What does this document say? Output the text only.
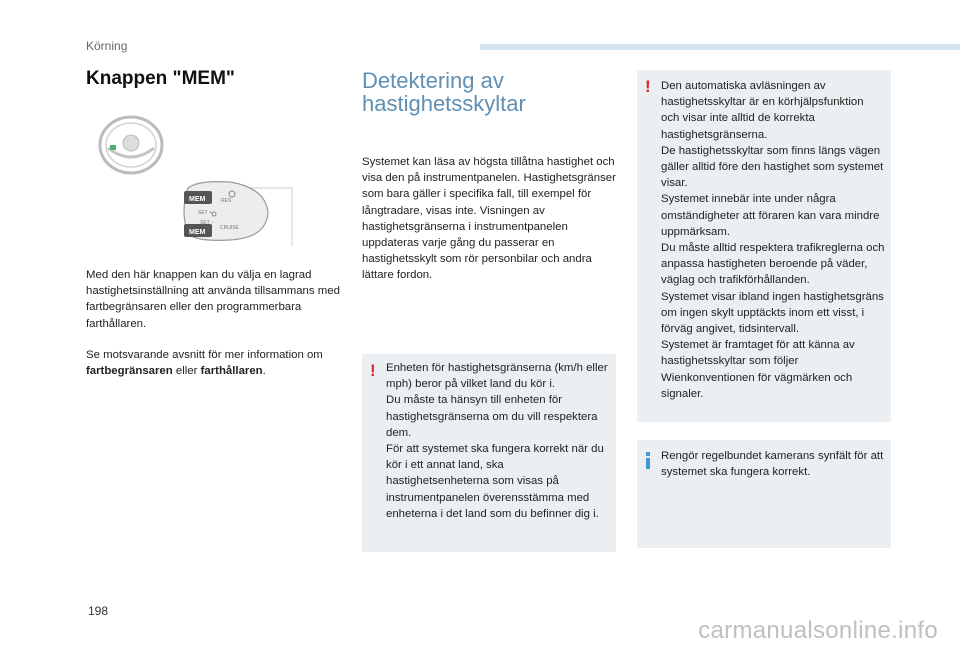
Körning
Knappen "MEM"
MEM
MEM
SET +
SET -
RES
CRUISE

Med den här knappen kan du välja en lagrad hastighetsinställning att använda tillsammans med fartbegränsaren eller den programmerbara farthållaren.

Se motsvarande avsnitt för mer information om fartbegränsaren eller farthållaren.

Detektering av
hastighetsskyltar

Systemet kan läsa av högsta tillåtna hastighet och visa den på instrumentpanelen. Hastighetsgränser som bara gäller i specifika fall, till exempel för långtradare, visas inte. Visningen av hastighetsgränserna i instrumentpanelen uppdateras varje gång du passerar en hastighetsskylt som rör personbilar och andra lättare fordon.

! Enheten för hastighetsgränserna (km/h eller mph) beror på vilket land du kör i.
Du måste ta hänsyn till enheten för hastighetsgränserna om du vill respektera dem.
För att systemet ska fungera korrekt när du kör i ett annat land, ska hastighetsenheterna som visas på instrumentpanelen överensstämma med enheterna i det land som du befinner dig i.

! Den automatiska avläsningen av hastighetsskyltar är en körhjälpsfunktion och visar inte alltid de korrekta hastighetsgränserna.
De hastighetsskyltar som finns längs vägen gäller alltid före den hastighet som systemet visar.
Systemet innebär inte under några omständigheter att föraren kan vara mindre uppmärksam.
Du måste alltid respektera trafikreglerna och anpassa hastigheten beroende på väder, väglag och trafikförhållanden.
Systemet visar ibland ingen hastighetsgräns om ingen skylt upptäckts inom ett visst, i förväg angivet, tidsintervall.
Systemet är framtaget för att känna av hastighetsskyltar som följer Wienkonventionen för vägmärken och signaler.

Rengör regelbundet kamerans synfält för att systemet ska fungera korrekt.

198
carmanualsonline.info
